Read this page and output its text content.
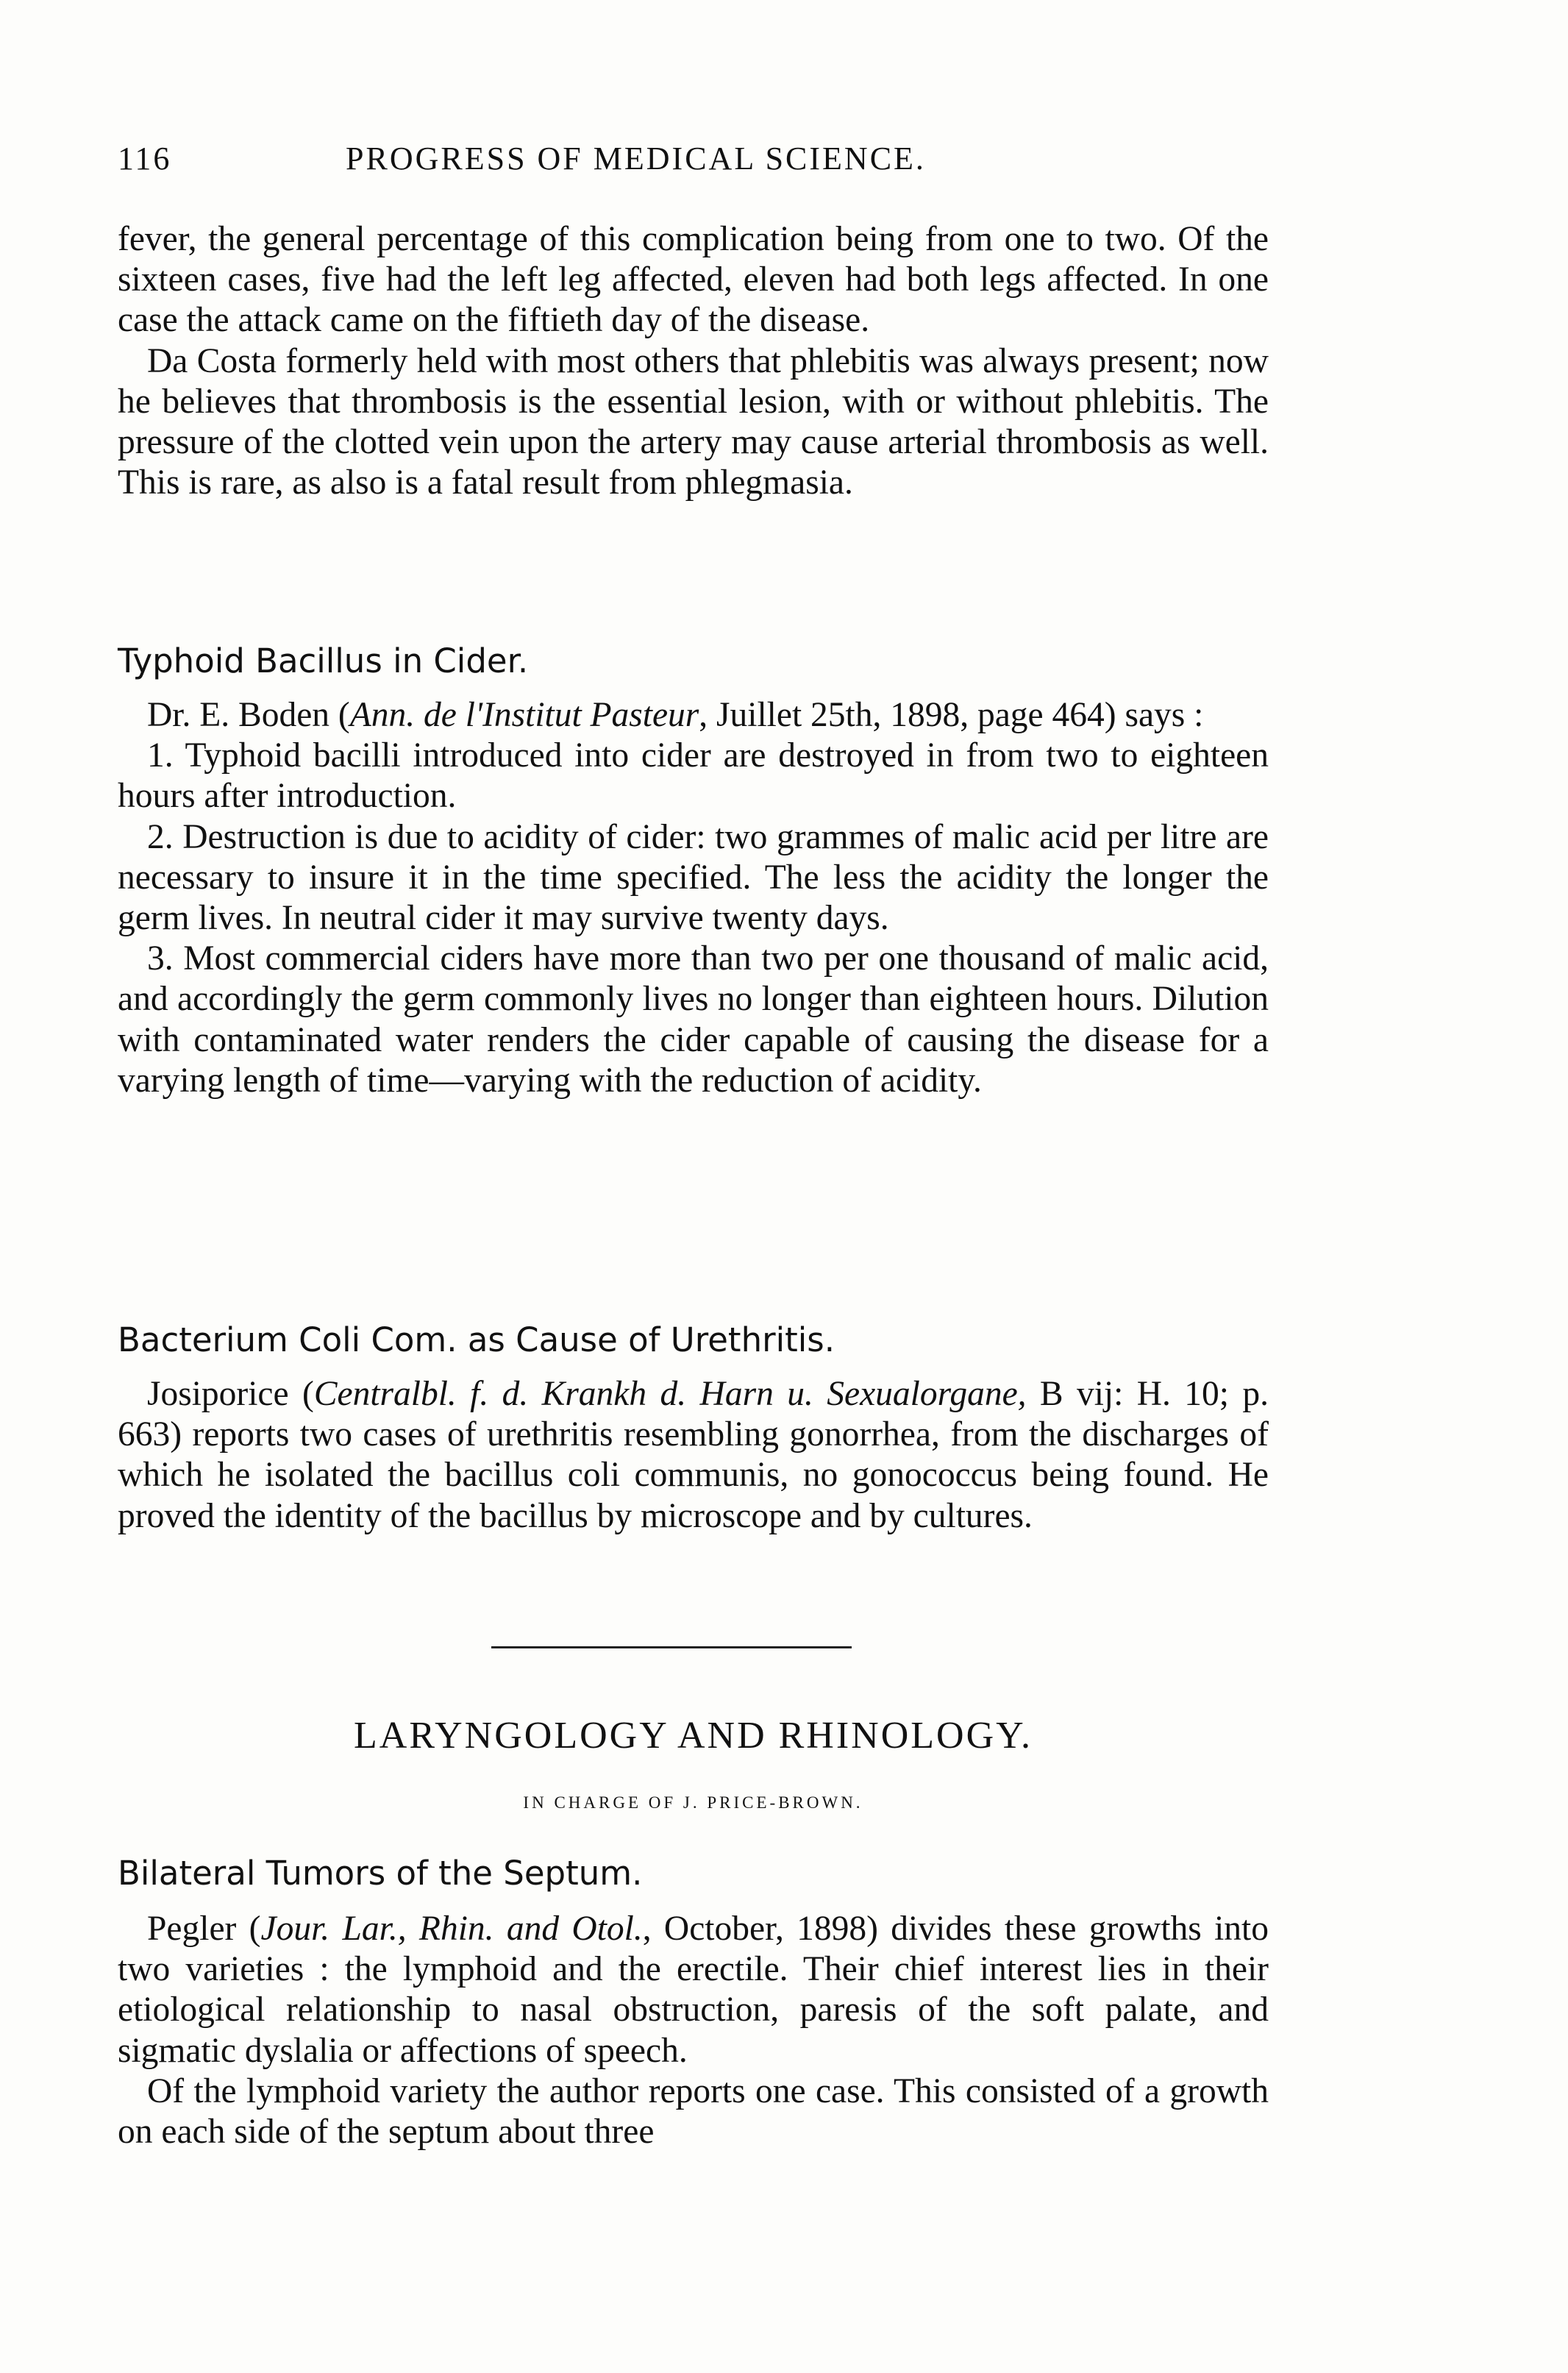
116	PROGRESS OF MEDICAL SCIENCE.

fever, the general percentage of this complication being from one to two. Of the sixteen cases, five had the left leg affected, eleven had both legs affected. In one case the attack came on the fiftieth day of the disease.

Da Costa formerly held with most others that phlebitis was always present; now he believes that thrombosis is the essential lesion, with or without phlebitis. The pressure of the clotted vein upon the artery may cause arterial thrombosis as well. This is rare, as also is a fatal result from phlegmasia.

Typhoid Bacillus in Cider.

Dr. E. Boden (Ann. de l'Institut Pasteur, Juillet 25th, 1898, page 464) says :

1. Typhoid bacilli introduced into cider are destroyed in from two to eighteen hours after introduction.

2. Destruction is due to acidity of cider: two grammes of malic acid per litre are necessary to insure it in the time specified. The less the acidity the longer the germ lives. In neutral cider it may survive twenty days.

3. Most commercial ciders have more than two per one thousand of malic acid, and accordingly the germ commonly lives no longer than eighteen hours. Dilution with contaminated water renders the cider capable of causing the disease for a varying length of time—varying with the reduction of acidity.

Bacterium Coli Com. as Cause of Urethritis.

Josiporice (Centralbl. f. d. Krankh d. Harn u. Sexualorgane, B vij: H. 10; p. 663) reports two cases of urethritis resembling gonorrhea, from the discharges of which he isolated the bacillus coli communis, no gonococcus being found. He proved the identity of the bacillus by microscope and by cultures.

LARYNGOLOGY AND RHINOLOGY.
IN CHARGE OF J. PRICE-BROWN.
Bilateral Tumors of the Septum.

Pegler (Jour. Lar., Rhin. and Otol., October, 1898) divides these growths into two varieties : the lymphoid and the erectile. Their chief interest lies in their etiological relationship to nasal obstruction, paresis of the soft palate, and sigmatic dyslalia or affections of speech.

Of the lymphoid variety the author reports one case. This consisted of a growth on each side of the septum about three
